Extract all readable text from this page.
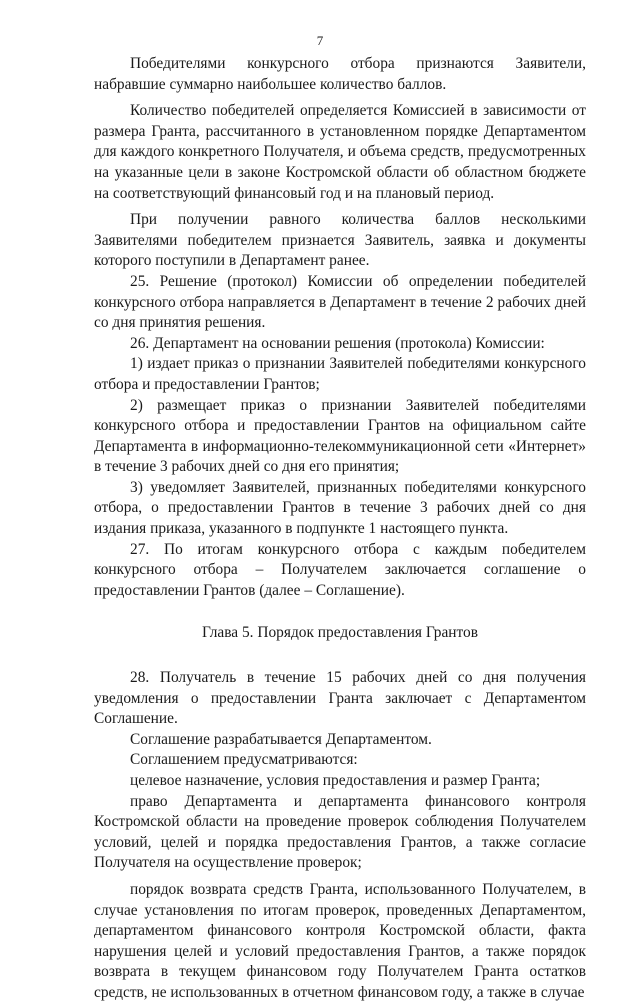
7

Победителями конкурсного отбора признаются Заявители, набравшие суммарно наибольшее количество баллов.

Количество победителей определяется Комиссией в зависимости от размера Гранта, рассчитанного в установленном порядке Департаментом для каждого конкретного Получателя, и объема средств, предусмотренных на указанные цели в законе Костромской области об областном бюджете на соответствующий финансовый год и на плановый период.

При получении равного количества баллов несколькими Заявителями победителем признается Заявитель, заявка и документы которого поступили в Департамент ранее.

25. Решение (протокол) Комиссии об определении победителей конкурсного отбора направляется в Департамент в течение 2 рабочих дней со дня принятия решения.

26. Департамент на основании решения (протокола) Комиссии:

1) издает приказ о признании Заявителей победителями конкурсного отбора и предоставлении Грантов;

2) размещает приказ о признании Заявителей победителями конкурсного отбора и предоставлении Грантов на официальном сайте Департамента в информационно-телекоммуникационной сети «Интернет» в течение 3 рабочих дней со дня его принятия;

3) уведомляет Заявителей, признанных победителями конкурсного отбора, о предоставлении Грантов в течение 3 рабочих дней со дня издания приказа, указанного в подпункте 1 настоящего пункта.

27. По итогам конкурсного отбора с каждым победителем конкурсного отбора – Получателем заключается соглашение о предоставлении Грантов (далее – Соглашение).

Глава 5. Порядок предоставления Грантов

28. Получатель в течение 15 рабочих дней со дня получения уведомления о предоставлении Гранта заключает с Департаментом Соглашение.

Соглашение разрабатывается Департаментом.

Соглашением предусматриваются:

целевое назначение, условия предоставления и размер Гранта;

право Департамента и департамента финансового контроля Костромской области на проведение проверок соблюдения Получателем условий, целей и порядка предоставления Грантов, а также согласие Получателя на осуществление проверок;

порядок возврата средств Гранта, использованного Получателем, в случае установления по итогам проверок, проведенных Департаментом, департаментом финансового контроля Костромской области, факта нарушения целей и условий предоставления Грантов, а также порядок возврата в текущем финансовом году Получателем Гранта остатков средств, не использованных в отчетном финансовом году, а также в случае
